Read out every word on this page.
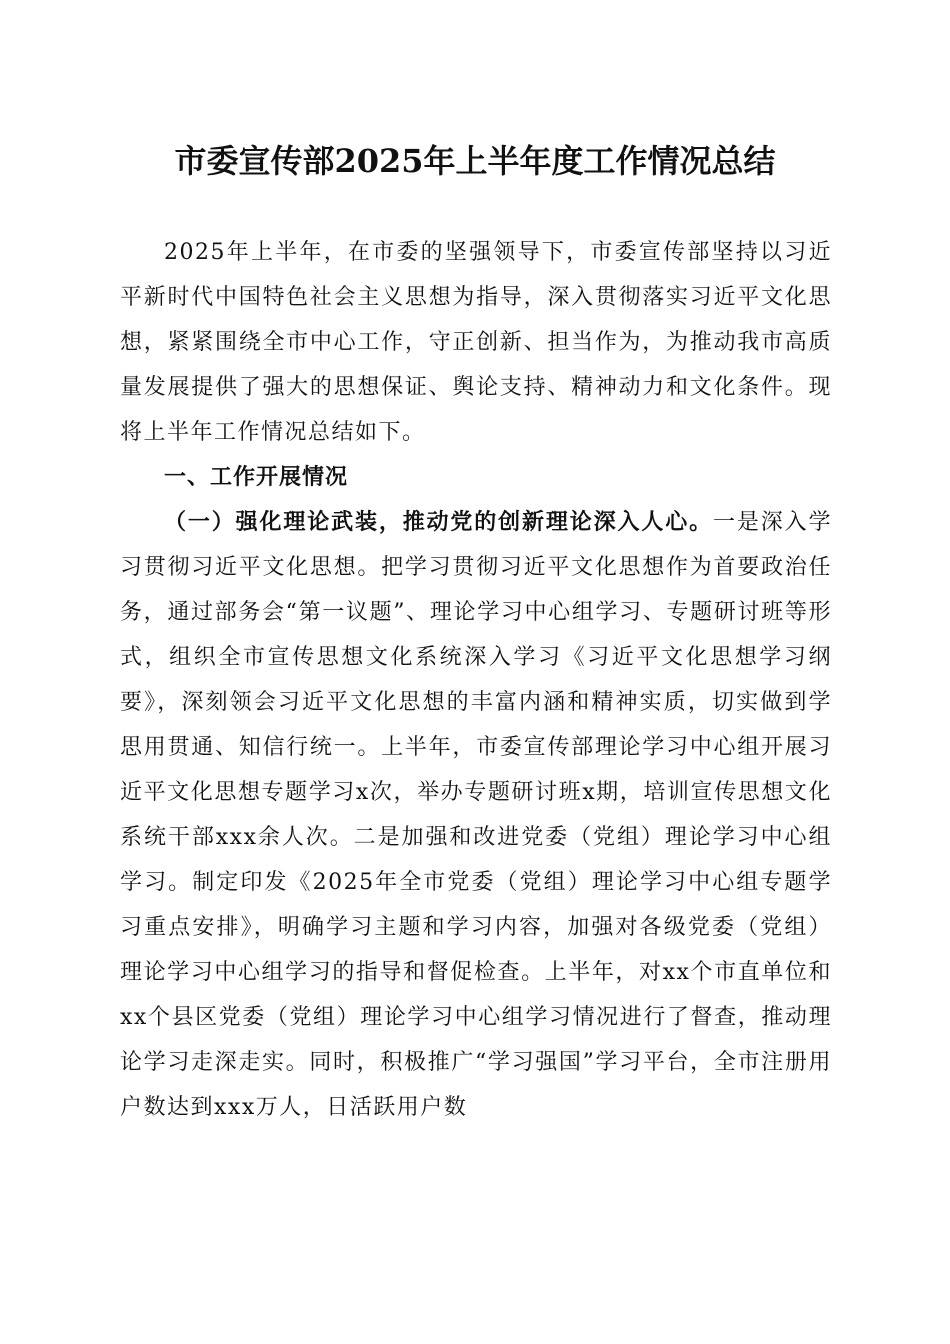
市委宣传部2025年上半年度工作情况总结

2025年上半年，在市委的坚强领导下，市委宣传部坚持以习近平新时代中国特色社会主义思想为指导，深入贯彻落实习近平文化思想，紧紧围绕全市中心工作，守正创新、担当作为，为推动我市高质量发展提供了强大的思想保证、舆论支持、精神动力和文化条件。现将上半年工作情况总结如下。

一、工作开展情况

（一）强化理论武装，推动党的创新理论深入人心。一是深入学习贯彻习近平文化思想。把学习贯彻习近平文化思想作为首要政治任务，通过部务会“第一议题”、理论学习中心组学习、专题研讨班等形式，组织全市宣传思想文化系统深入学习《习近平文化思想学习纲要》，深刻领会习近平文化思想的丰富内涵和精神实质，切实做到学思用贯通、知信行统一。上半年，市委宣传部理论学习中心组开展习近平文化思想专题学习x次，举办专题研讨班x期，培训宣传思想文化系统干部xxx余人次。二是加强和改进党委（党组）理论学习中心组学习。制定印发《2025年全市党委（党组）理论学习中心组专题学习重点安排》，明确学习主题和学习内容，加强对各级党委（党组）理论学习中心组学习的指导和督促检查。上半年，对xx个市直单位和xx个县区党委（党组）理论学习中心组学习情况进行了督查，推动理论学习走深走实。同时，积极推广“学习强国”学习平台，全市注册用户数达到xxx万人，日活跃用户数
